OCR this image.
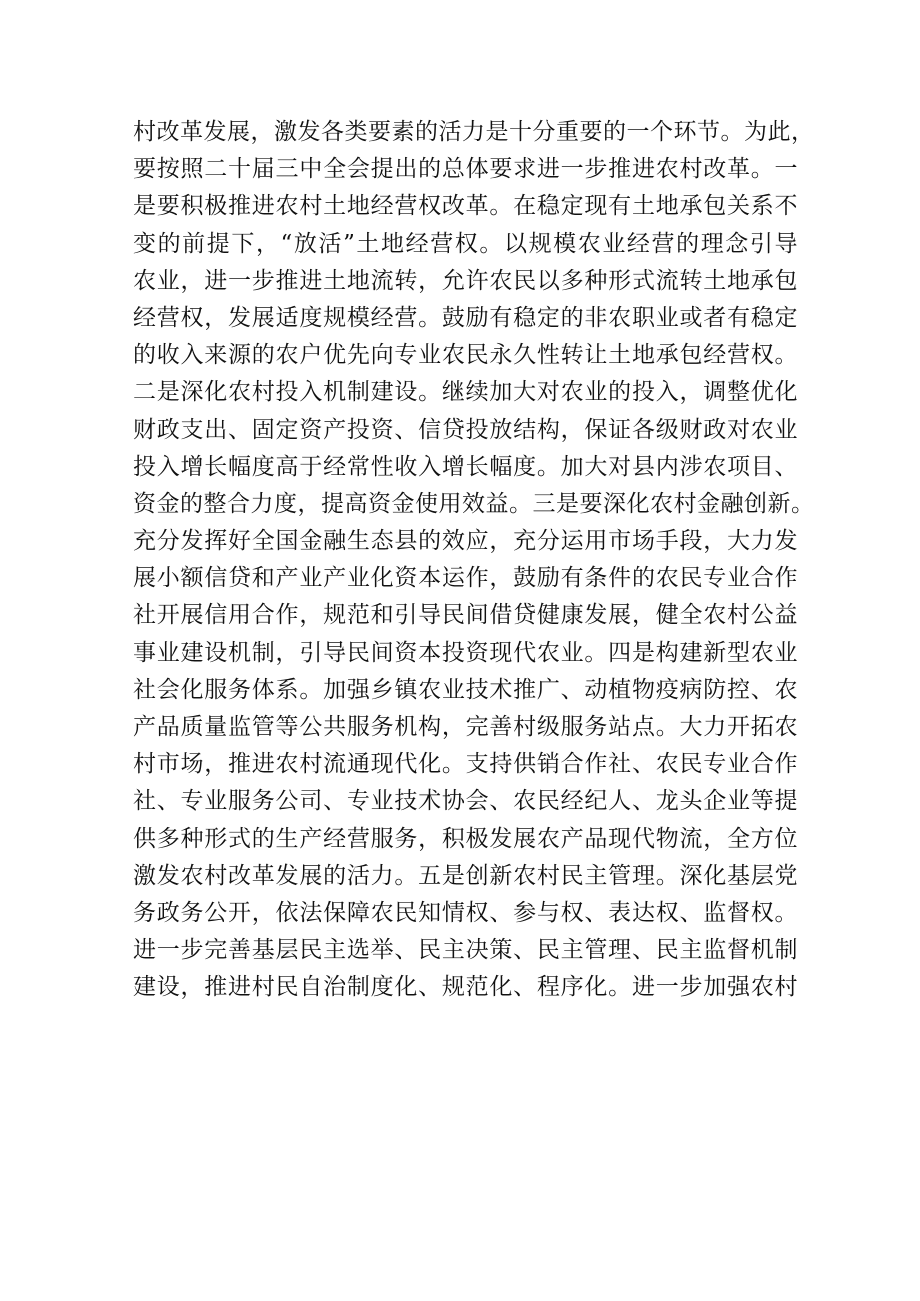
村改革发展，激发各类要素的活力是十分重要的一个环节。为此，
要按照二十届三中全会提出的总体要求进一步推进农村改革。一
是要积极推进农村土地经营权改革。在稳定现有土地承包关系不
变的前提下，“放活”土地经营权。以规模农业经营的理念引导
农业，进一步推进土地流转，允许农民以多种形式流转土地承包
经营权，发展适度规模经营。鼓励有稳定的非农职业或者有稳定
的收入来源的农户优先向专业农民永久性转让土地承包经营权。
二是深化农村投入机制建设。继续加大对农业的投入，调整优化
财政支出、固定资产投资、信贷投放结构，保证各级财政对农业
投入增长幅度高于经常性收入增长幅度。加大对县内涉农项目、
资金的整合力度，提高资金使用效益。三是要深化农村金融创新。
充分发挥好全国金融生态县的效应，充分运用市场手段，大力发
展小额信贷和产业产业化资本运作，鼓励有条件的农民专业合作
社开展信用合作，规范和引导民间借贷健康发展，健全农村公益
事业建设机制，引导民间资本投资现代农业。四是构建新型农业
社会化服务体系。加强乡镇农业技术推广、动植物疫病防控、农
产品质量监管等公共服务机构，完善村级服务站点。大力开拓农
村市场，推进农村流通现代化。支持供销合作社、农民专业合作
社、专业服务公司、专业技术协会、农民经纪人、龙头企业等提
供多种形式的生产经营服务，积极发展农产品现代物流，全方位
激发农村改革发展的活力。五是创新农村民主管理。深化基层党
务政务公开，依法保障农民知情权、参与权、表达权、监督权。
进一步完善基层民主选举、民主决策、民主管理、民主监督机制
建设，推进村民自治制度化、规范化、程序化。进一步加强农村
